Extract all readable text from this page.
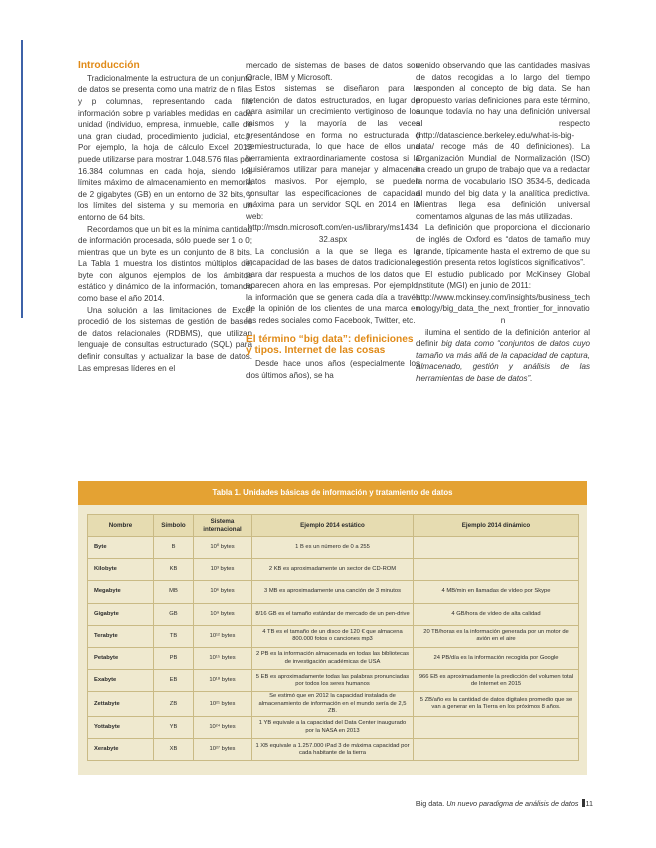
Introducción

Tradicionalmente la estructura de un conjunto de datos se presenta como una matriz de n filas y p columnas, representando cada fila información sobre p variables medidas en cada unidad (individuo, empresa, inmueble, calle de una gran ciudad, procedimiento judicial, etc.). Por ejemplo, la hoja de cálculo Excel 2013 puede utilizarse para mostrar 1.048.576 filas por 16.384 columnas en cada hoja, siendo los límites máximo de almacenamiento en memoria de 2 gigabytes (GB) en un entorno de 32 bits, y los límites del sistema y su memoria en un entorno de 64 bits.

Recordamos que un bit es la mínima cantidad de información procesada, sólo puede ser 1 o 0; mientras que un byte es un conjunto de 8 bits. La Tabla 1 muestra los distintos múltiplos del byte con algunos ejemplos de los ámbitos estático y dinámico de la información, tomando como base el año 2014.

Una solución a las limitaciones de Excel procedió de los sistemas de gestión de bases de datos relacionales (RDBMS), que utilizan lenguaje de consultas estructurado (SQL) para definir consultas y actualizar la base de datos. Las empresas líderes en el

mercado de sistemas de bases de datos son Oracle, IBM y Microsoft.

Estos sistemas se diseñaron para la retención de datos estructurados, en lugar de para asimilar un crecimiento vertiginoso de los mismos y la mayoría de las veces presentándose en forma no estructurada o semiestructurada, lo que hace de ellos una herramienta extraordinariamente costosa si la quisiéramos utilizar para manejar y almacenar datos masivos. Por ejemplo, se pueden consultar las especificaciones de capacidad máxima para un servidor SQL en 2014 en la web:

http://msdn.microsoft.com/en-us/library/ms143432.aspx

La conclusión a la que se llega es la incapacidad de las bases de datos tradicionales para dar respuesta a muchos de los datos que aparecen ahora en las empresas. Por ejemplo, la información que se genera cada día a través de la opinión de los clientes de una marca en las redes sociales como Facebook, Twitter, etc.

El término “big data”: definiciones y tipos. Internet de las cosas

Desde hace unos años (especialmente los dos últimos años), se ha

venido observando que las cantidades masivas de datos recogidas a lo largo del tiempo responden al concepto de big data. Se han propuesto varias definiciones para este término, aunque todavía no hay una definición universal al respecto (http://datascience.berkeley.edu/what-is-big-data/ recoge más de 40 definiciones). La Organización Mundial de Normalización (ISO) ha creado un grupo de trabajo que va a redactar la norma de vocabulario ISO 3534-5, dedicada al mundo del big data y la analítica predictiva. Mientras llega esa definición universal comentamos algunas de las más utilizadas.

La definición que proporciona el diccionario de inglés de Oxford es “datos de tamaño muy grande, típicamente hasta el extremo de que su gestión presenta retos logísticos significativos”.

El estudio publicado por McKinsey Global Institute (MGI) en junio de 2011:

http://www.mckinsey.com/insights/business_technology/big_data_the_next_frontier_for_innovation

ilumina el sentido de la definición anterior al definir big data como “conjuntos de datos cuyo tamaño va más allá de la capacidad de captura, almacenado, gestión y análisis de las herramientas de base de datos”.

Tabla 1. Unidades básicas de información y tratamiento de datos
Nombre	Símbolo	Sistema internacional	Ejemplo 2014 estático	Ejemplo 2014 dinámico
Byte	B	10⁰ bytes	1 B es un número de 0 a 255	
Kilobyte	KB	10³ bytes	2 KB es aproximadamente un sector de CD-ROM	
Megabyte	MB	10⁶ bytes	3 MB es aproximadamente una canción de 3 minutos	4 MB/min en llamadas de vídeo por Skype
Gigabyte	GB	10⁹ bytes	8/16 GB es el tamaño estándar de mercado de un pen-drive	4 GB/hora de vídeo de alta calidad
Terabyte	TB	10¹² bytes	4 TB es el tamaño de un disco de 120 € que almacena 800.000 fotos o canciones mp3	20 TB/horas es la información generada por un motor de avión en el aire
Petabyte	PB	10¹⁵ bytes	2 PB es la información almacenada en todas las bibliotecas de investigación académicas de USA	24 PB/día es la información recogida por Google
Exabyte	EB	10¹⁸ bytes	5 EB es aproximadamente todas las palabras pronunciadas por todos los seres humanos	966 EB es aproximadamente la predicción del volumen total de Internet en 2015
Zettabyte	ZB	10²¹ bytes	Se estimó que en 2012 la capacidad instalada de almacenamiento de información en el mundo sería de 2,5 ZB.	5 ZB/año es la cantidad de datos digitales promedio que se van a generar en la Tierra en los próximos 8 años.
Yottabyte	YB	10²⁴ bytes	1 YB equivale a la capacidad del Data Center inaugurado por la NASA en 2013	
Xerabyte	XB	10²⁷ bytes	1 XB equivale a 1.257.000 iPad 3 de máxima capacidad por cada habitante de la tierra	
Big data. Un nuevo paradigma de análisis de datos 11
